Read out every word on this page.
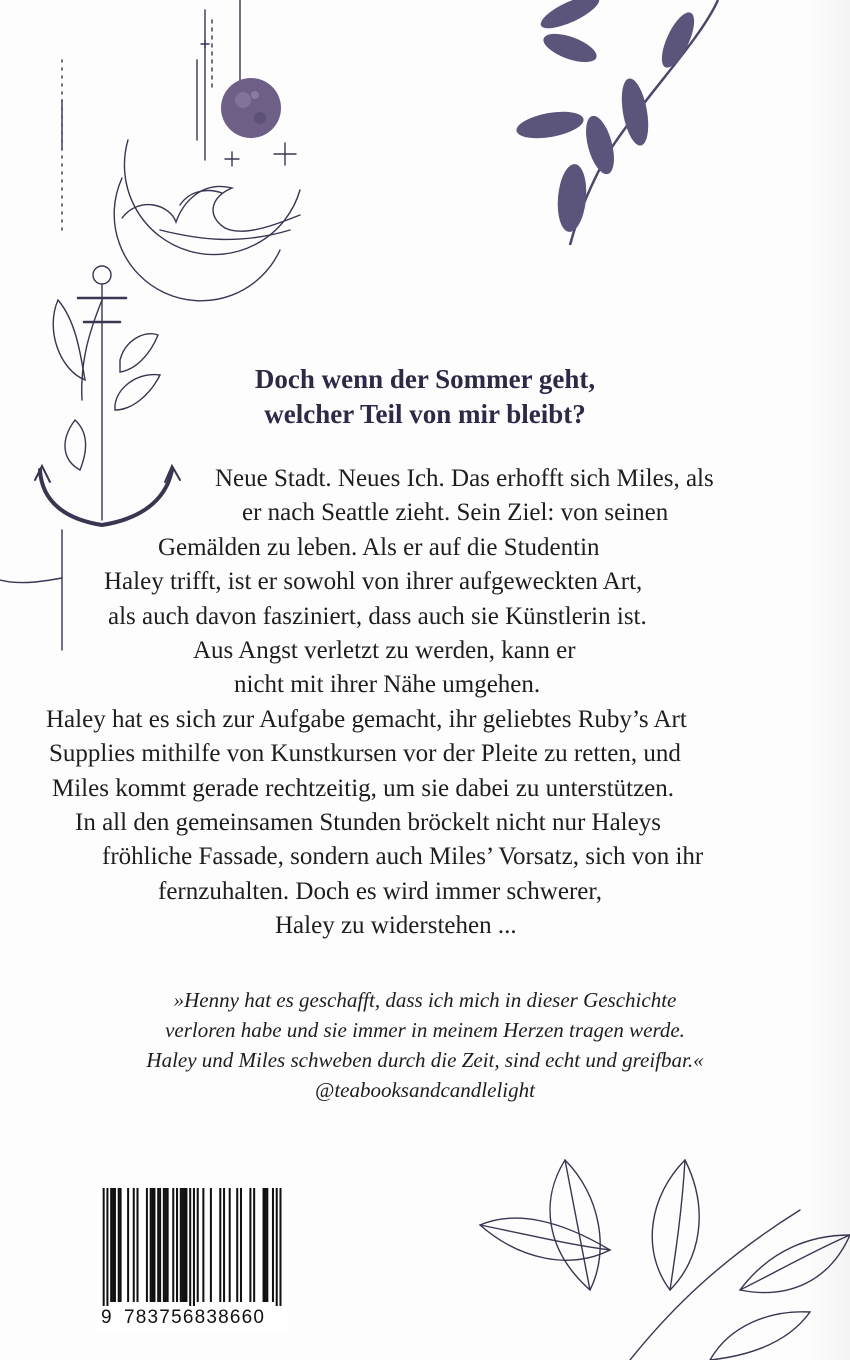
Doch wenn der Sommer geht,
welcher Teil von mir bleibt?
Neue Stadt. Neues Ich. Das erhofft sich Miles, als
er nach Seattle zieht. Sein Ziel: von seinen
Gemälden zu leben. Als er auf die Studentin
Haley trifft, ist er sowohl von ihrer aufgeweckten Art,
als auch davon fasziniert, dass auch sie Künstlerin ist.
Aus Angst verletzt zu werden, kann er
nicht mit ihrer Nähe umgehen.
Haley hat es sich zur Aufgabe gemacht, ihr geliebtes Ruby’s Art
Supplies mithilfe von Kunstkursen vor der Pleite zu retten, und
Miles kommt gerade rechtzeitig, um sie dabei zu unterstützen.
In all den gemeinsamen Stunden bröckelt nicht nur Haleys
fröhliche Fassade, sondern auch Miles’ Vorsatz, sich von ihr
fernzuhalten. Doch es wird immer schwerer,
Haley zu widerstehen ...
»Henny hat es geschafft, dass ich mich in dieser Geschichte
verloren habe und sie immer in meinem Herzen tragen werde.
Haley und Miles schweben durch die Zeit, sind echt und greifbar.«
@teabooksandcandlelight
9 783756838660
